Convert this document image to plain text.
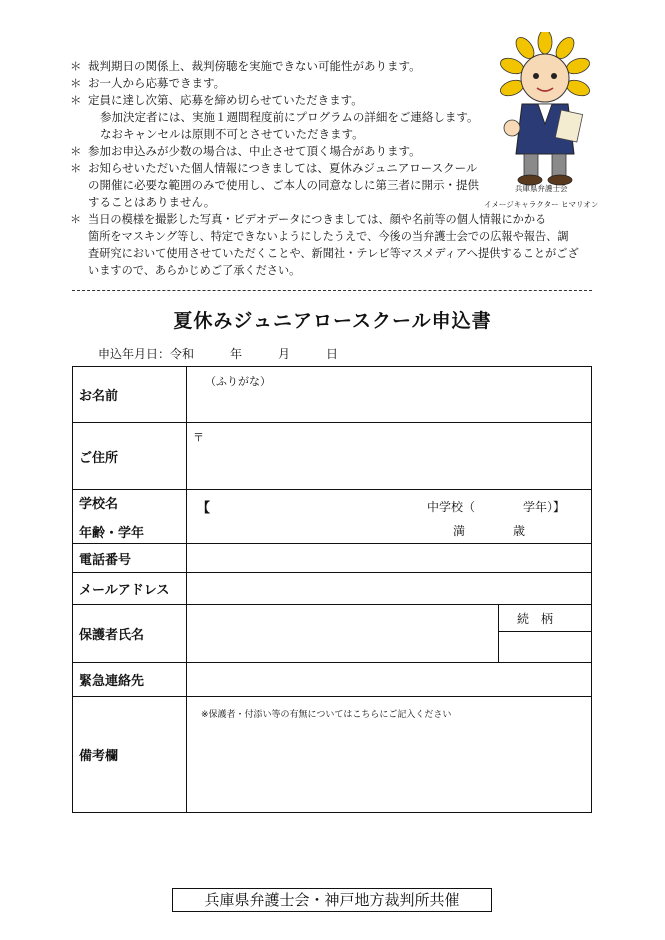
＊ 裁判期日の関係上、裁判傍聴を実施できない可能性があります。
＊ お一人から応募できます。
＊ 定員に達し次第、応募を締め切らせていただきます。
参加決定者には、実施１週間程度前にプログラムの詳細をご連絡します。
なおキャンセルは原則不可とさせていただきます。
＊ 参加お申込みが少数の場合は、中止させて頂く場合があります。
＊ お知らせいただいた個人情報につきましては、夏休みジュニアロースクール
の開催に必要な範囲のみで使用し、ご本人の同意なしに第三者に開示・提供
することはありません。
＊ 当日の模様を撮影した写真・ビデオデータにつきましては、顔や名前等の個人情報にかかる
箇所をマスキング等し、特定できないようにしたうえで、今後の当弁護士会での広報や報告、調
査研究において使用させていただくことや、新聞社・テレビ等マスメディアへ提供することがござ
いますので、あらかじめご了承ください。
兵庫県弁護士会
イメージキャラクター ヒマリオン
夏休みジュニアロースクール申込書
申込年月日：令和　　　年　　　月　　　日
お名前
（ふりがな）
ご住所
〒
学校名
年齢・学年
【	中学校（　　　　学年）】
満　　　　歳
電話番号
メールアドレス
保護者氏名
続　柄
緊急連絡先
備考欄
※保護者・付添い等の有無についてはこちらにご記入ください
兵庫県弁護士会・神戸地方裁判所共催
